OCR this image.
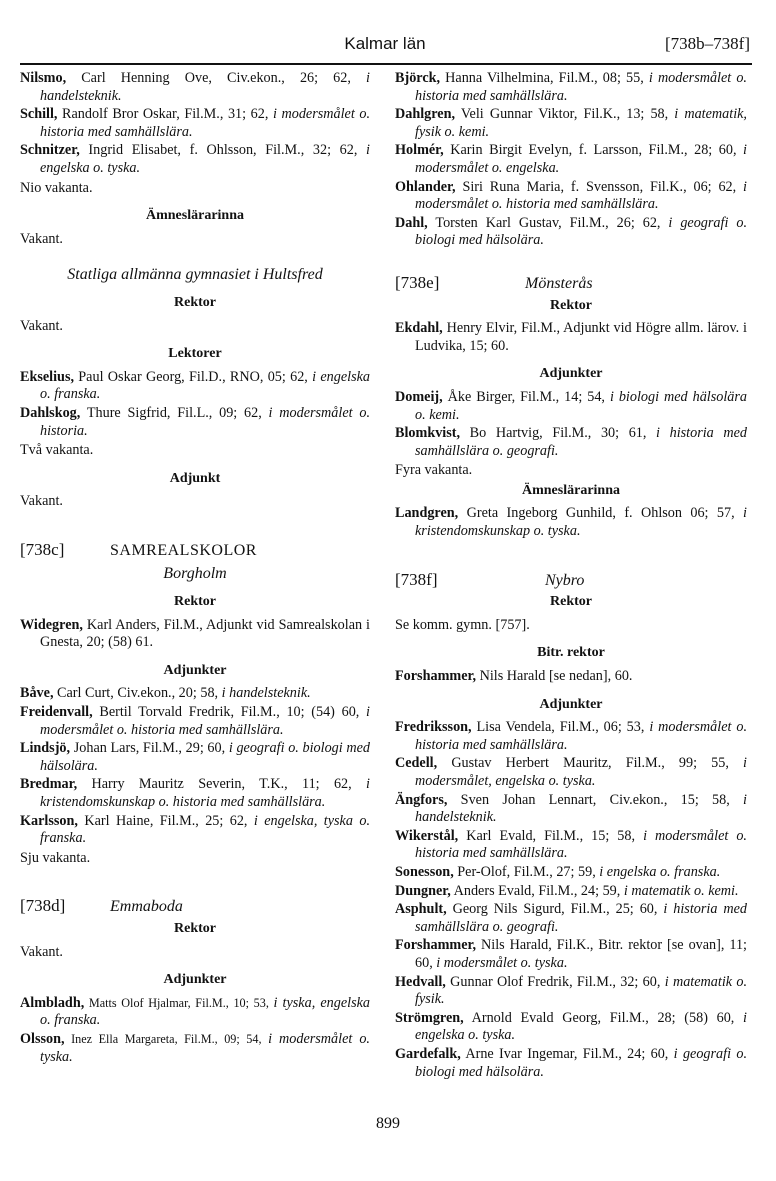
Kalmar län	[738b–738f]

Nilsmo, Carl Henning Ove, Civ.ekon., 26; 62, i handelsteknik.

Schill, Randolf Bror Oskar, Fil.M., 31; 62, i modersmålet o. historia med samhällslära.

Schnitzer, Ingrid Elisabet, f. Ohlsson, Fil.M., 32; 62, i engelska o. tyska.

Nio vakanta.
Ämneslärarinna
Vakant.
Statliga allmänna gymnasiet i Hultsfred
Rektor
Vakant.
Lektorer

Ekselius, Paul Oskar Georg, Fil.D., RNO, 05; 62, i engelska o. franska.

Dahlskog, Thure Sigfrid, Fil.L., 09; 62, i modersmålet o. historia.

Två vakanta.
Adjunkt
Vakant.
[738c]	SAMREALSKOLOR
Borgholm
Rektor

Widegren, Karl Anders, Fil.M., Adjunkt vid Samrealskolan i Gnesta, 20; (58) 61.

Adjunkter

Båve, Carl Curt, Civ.ekon., 20; 58, i handelsteknik.

Freidenvall, Bertil Torvald Fredrik, Fil.M., 10; (54) 60, i modersmålet o. historia med samhällslära.

Lindsjö, Johan Lars, Fil.M., 29; 60, i geografi o. biologi med hälsolära.

Bredmar, Harry Mauritz Severin, T.K., 11; 62, i kristendomskunskap o. historia med samhällslära.

Karlsson, Karl Haine, Fil.M., 25; 62, i engelska, tyska o. franska.

Sju vakanta.
[738d]	Emmaboda
Rektor
Vakant.
Adjunkter

Almbladh, Matts Olof Hjalmar, Fil.M., 10; 53, i tyska, engelska o. franska.

Olsson, Inez Ella Margareta, Fil.M., 09; 54, i modersmålet o. tyska.

Björck, Hanna Vilhelmina, Fil.M., 08; 55, i modersmålet o. historia med samhällslära.

Dahlgren, Veli Gunnar Viktor, Fil.K., 13; 58, i matematik, fysik o. kemi.

Holmér, Karin Birgit Evelyn, f. Larsson, Fil.M., 28; 60, i modersmålet o. engelska.

Ohlander, Siri Runa Maria, f. Svensson, Fil.K., 06; 62, i modersmålet o. historia med samhällslära.

Dahl, Torsten Karl Gustav, Fil.M., 26; 62, i geografi o. biologi med hälsolära.

[738e]	Mönsterås
Rektor

Ekdahl, Henry Elvir, Fil.M., Adjunkt vid Högre allm. lärov. i Ludvika, 15; 60.

Adjunkter

Domeij, Åke Birger, Fil.M., 14; 54, i biologi med hälsolära o. kemi.

Blomkvist, Bo Hartvig, Fil.M., 30; 61, i historia med samhällslära o. geografi.

Fyra vakanta.
Ämneslärarinna

Landgren, Greta Ingeborg Gunhild, f. Ohlson 06; 57, i kristendomskunskap o. tyska.

[738f]	Nybro
Rektor
Se komm. gymn. [757].
Bitr. rektor

Forshammer, Nils Harald [se nedan], 60.

Adjunkter

Fredriksson, Lisa Vendela, Fil.M., 06; 53, i modersmålet o. historia med samhällslära.

Cedell, Gustav Herbert Mauritz, Fil.M., 99; 55, i modersmålet, engelska o. tyska.

Ängfors, Sven Johan Lennart, Civ.ekon., 15; 58, i handelsteknik.

Wikerstål, Karl Evald, Fil.M., 15; 58, i modersmålet o. historia med samhällslära.

Sonesson, Per-Olof, Fil.M., 27; 59, i engelska o. franska.

Dungner, Anders Evald, Fil.M., 24; 59, i matematik o. kemi.

Asphult, Georg Nils Sigurd, Fil.M., 25; 60, i historia med samhällslära o. geografi.

Forshammer, Nils Harald, Fil.K., Bitr. rektor [se ovan], 11; 60, i modersmålet o. tyska.

Hedvall, Gunnar Olof Fredrik, Fil.M., 32; 60, i matematik o. fysik.

Strömgren, Arnold Evald Georg, Fil.M., 28; (58) 60, i engelska o. tyska.

Gardefalk, Arne Ivar Ingemar, Fil.M., 24; 60, i geografi o. biologi med hälsolära.

899
